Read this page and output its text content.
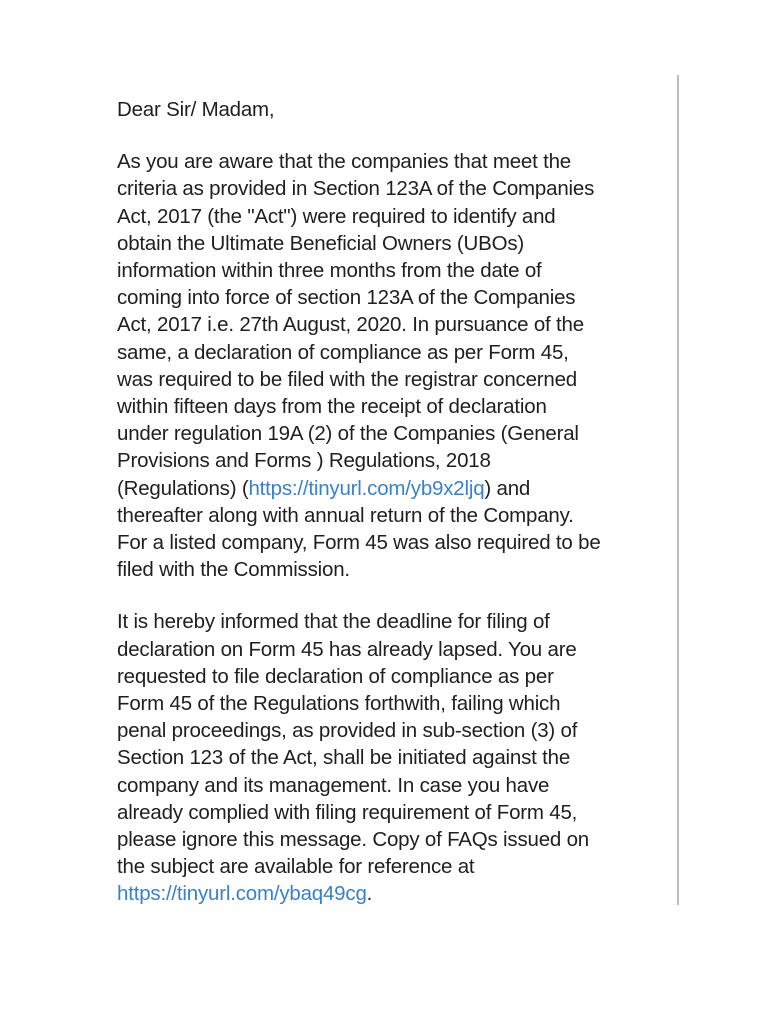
Dear Sir/ Madam,
As you are aware that the companies that meet the
criteria as provided in Section 123A of the Companies
Act, 2017 (the "Act") were required to identify and
obtain the Ultimate Beneficial Owners (UBOs)
information within three months from the date of
coming into force of section 123A of the Companies
Act, 2017 i.e. 27th August, 2020. In pursuance of the
same, a declaration of compliance as per Form 45,
was required to be filed with the registrar concerned
within fifteen days from the receipt of declaration
under regulation 19A (2) of the Companies (General
Provisions and Forms ) Regulations, 2018
(Regulations) (https://tinyurl.com/yb9x2ljq) and
thereafter along with annual return of the Company.
For a listed company, Form 45 was also required to be
filed with the Commission.
It is hereby informed that the deadline for filing of
declaration on Form 45 has already lapsed. You are
requested to file declaration of compliance as per
Form 45 of the Regulations forthwith, failing which
penal proceedings, as provided in sub-section (3) of
Section 123 of the Act, shall be initiated against the
company and its management. In case you have
already complied with filing requirement of Form 45,
please ignore this message. Copy of FAQs issued on
the subject are available for reference at
https://tinyurl.com/ybaq49cg.
